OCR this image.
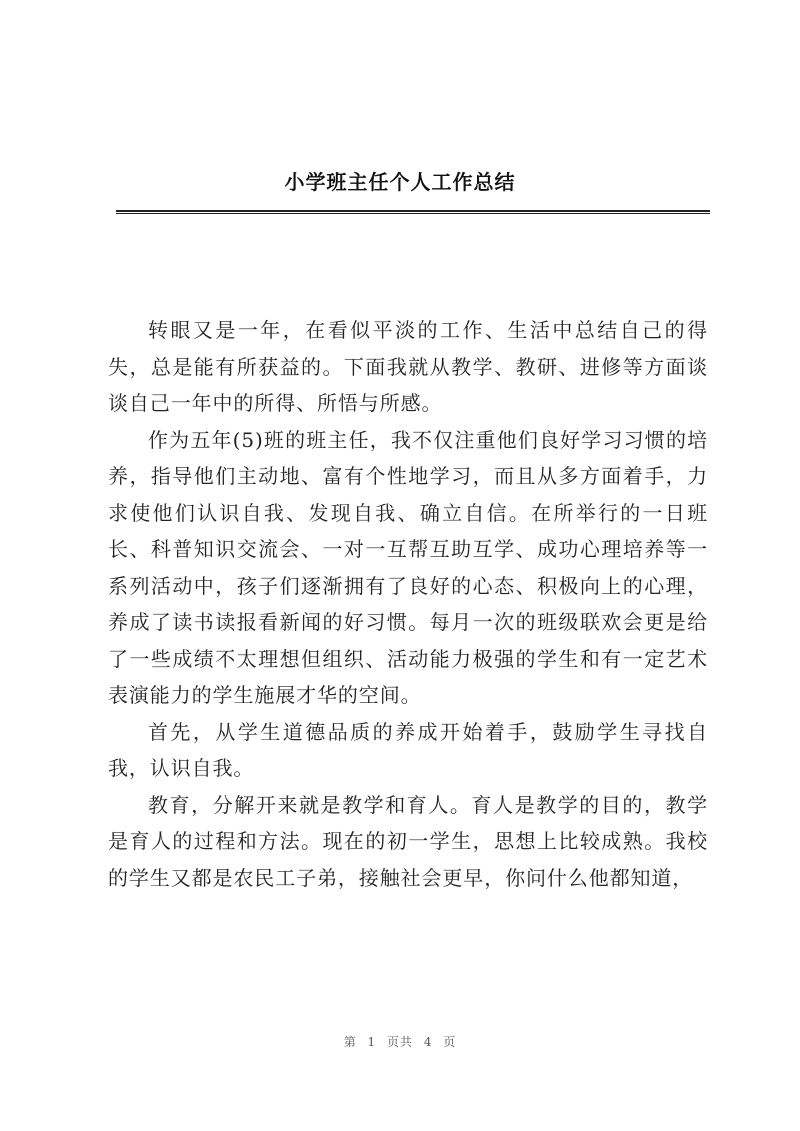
小学班主任个人工作总结

转眼又是一年，在看似平淡的工作、生活中总结自己的得失，总是能有所获益的。下面我就从教学、教研、进修等方面谈谈自己一年中的所得、所悟与所感。

作为五年(5)班的班主任，我不仅注重他们良好学习习惯的培养，指导他们主动地、富有个性地学习，而且从多方面着手，力求使他们认识自我、发现自我、确立自信。在所举行的一日班长、科普知识交流会、一对一互帮互助互学、成功心理培养等一系列活动中，孩子们逐渐拥有了良好的心态、积极向上的心理，养成了读书读报看新闻的好习惯。每月一次的班级联欢会更是给了一些成绩不太理想但组织、活动能力极强的学生和有一定艺术表演能力的学生施展才华的空间。

首先，从学生道德品质的养成开始着手，鼓励学生寻找自我，认识自我。

教育，分解开来就是教学和育人。育人是教学的目的，教学是育人的过程和方法。现在的初一学生，思想上比较成熟。我校的学生又都是农民工子弟，接触社会更早，你问什么他都知道，

第 1 页共 4 页
